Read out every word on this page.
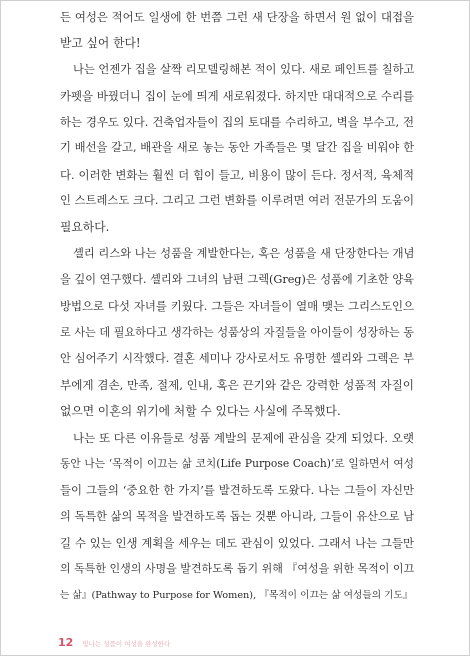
든 여성은 적어도 일생에 한 번쯤 그런 새 단장을 하면서 원 없이 대접을
받고 싶어 한다!
나는 언젠가 집을 살짝 리모델링해본 적이 있다. 새로 페인트를 칠하고
카펫을 바꿨더니 집이 눈에 띄게 새로워졌다. 하지만 대대적으로 수리를
하는 경우도 있다. 건축업자들이 집의 토대를 수리하고, 벽을 부수고, 전
기 배선을 갈고, 배관을 새로 놓는 동안 가족들은 몇 달간 집을 비워야 한
다. 이러한 변화는 훨씬 더 힘이 들고, 비용이 많이 든다. 정서적, 육체적
인 스트레스도 크다. 그리고 그런 변화를 이루려면 여러 전문가의 도움이
필요하다.
셸리 리스와 나는 성품을 계발한다는, 혹은 성품을 새 단장한다는 개념
을 깊이 연구했다. 셸리와 그녀의 남편 그렉(Greg)은 성품에 기초한 양육
방법으로 다섯 자녀를 키웠다. 그들은 자녀들이 열매 맺는 그리스도인으
로 사는 데 필요하다고 생각하는 성품상의 자질들을 아이들이 성장하는 동
안 심어주기 시작했다. 결혼 세미나 강사로서도 유명한 셸리와 그렉은 부
부에게 겸손, 만족, 절제, 인내, 혹은 끈기와 같은 강력한 성품적 자질이
없으면 이혼의 위기에 처할 수 있다는 사실에 주목했다.
나는 또 다른 이유들로 성품 계발의 문제에 관심을 갖게 되었다. 오랫
동안 나는 ‘목적이 이끄는 삶 코치(Life Purpose Coach)’로 일하면서 여성
들이 그들의 ‘중요한 한 가지’를 발견하도록 도왔다. 나는 그들이 자신만
의 독특한 삶의 목적을 발견하도록 돕는 것뿐 아니라, 그들이 유산으로 남
길 수 있는 인생 계획을 세우는 데도 관심이 있었다. 그래서 나는 그들만
의 독특한 인생의 사명을 발견하도록 돕기 위해 『여성을 위한 목적이 이끄
는 삶』(Pathway to Purpose for Women), 『목적이 이끄는 삶 여성들의 기도』
12 빛나는 성품이 여성을 완성한다
